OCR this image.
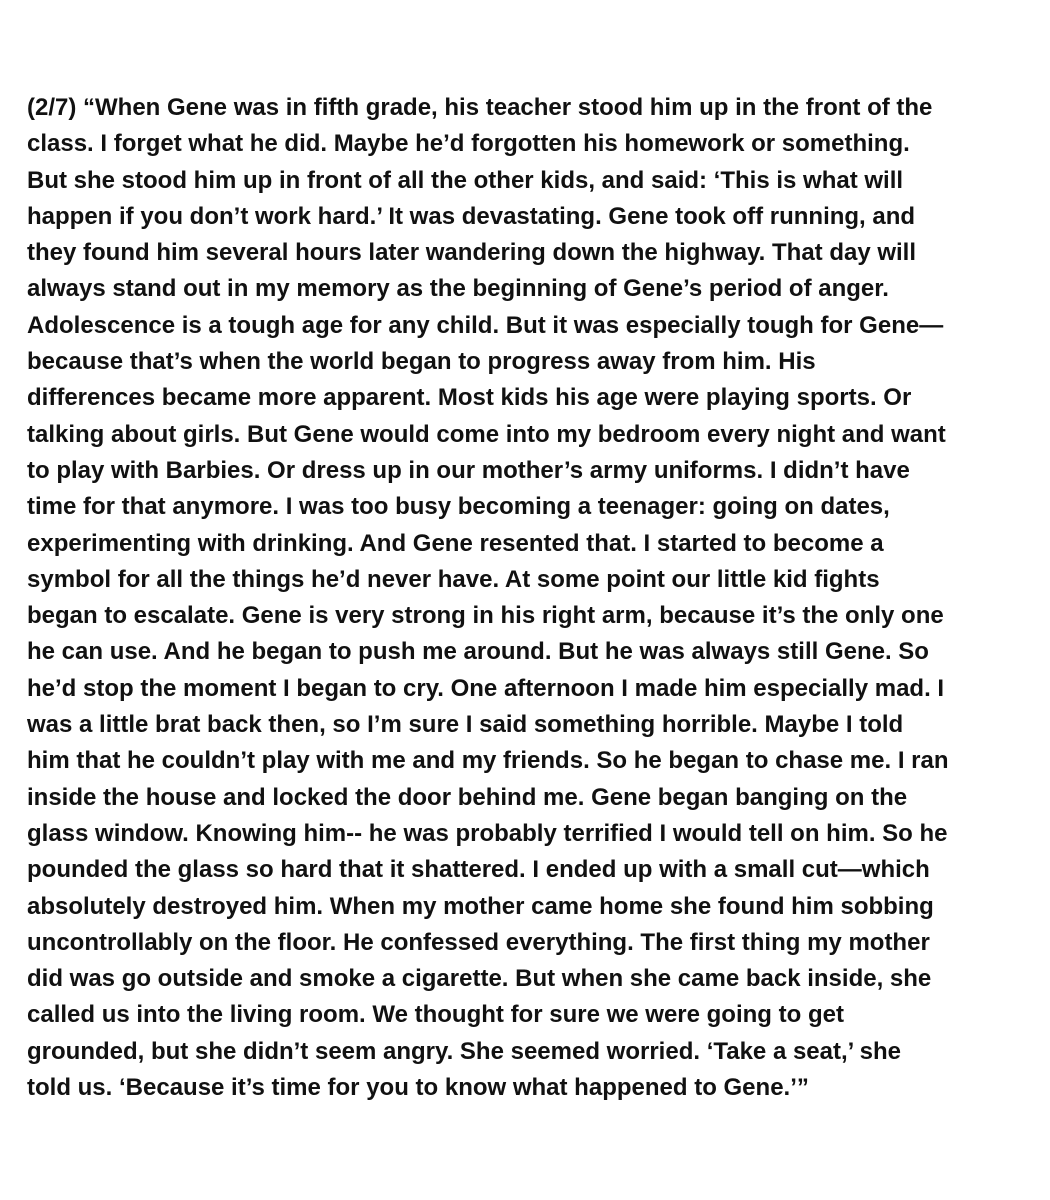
(2/7) “When Gene was in fifth grade, his teacher stood him up in the front of the
class. I forget what he did. Maybe he’d forgotten his homework or something.
But she stood him up in front of all the other kids, and said: ‘This is what will
happen if you don’t work hard.’ It was devastating. Gene took off running, and
they found him several hours later wandering down the highway. That day will
always stand out in my memory as the beginning of Gene’s period of anger.
Adolescence is a tough age for any child. But it was especially tough for Gene—
because that’s when the world began to progress away from him. His
differences became more apparent. Most kids his age were playing sports. Or
talking about girls. But Gene would come into my bedroom every night and want
to play with Barbies. Or dress up in our mother’s army uniforms. I didn’t have
time for that anymore. I was too busy becoming a teenager: going on dates,
experimenting with drinking. And Gene resented that. I started to become a
symbol for all the things he’d never have. At some point our little kid fights
began to escalate. Gene is very strong in his right arm, because it’s the only one
he can use. And he began to push me around. But he was always still Gene. So
he’d stop the moment I began to cry. One afternoon I made him especially mad. I
was a little brat back then, so I’m sure I said something horrible. Maybe I told
him that he couldn’t play with me and my friends. So he began to chase me. I ran
inside the house and locked the door behind me. Gene began banging on the
glass window. Knowing him-- he was probably terrified I would tell on him. So he
pounded the glass so hard that it shattered. I ended up with a small cut—which
absolutely destroyed him. When my mother came home she found him sobbing
uncontrollably on the floor. He confessed everything. The first thing my mother
did was go outside and smoke a cigarette. But when she came back inside, she
called us into the living room. We thought for sure we were going to get
grounded, but she didn’t seem angry. She seemed worried. ‘Take a seat,’ she
told us. ‘Because it’s time for you to know what happened to Gene.’”
